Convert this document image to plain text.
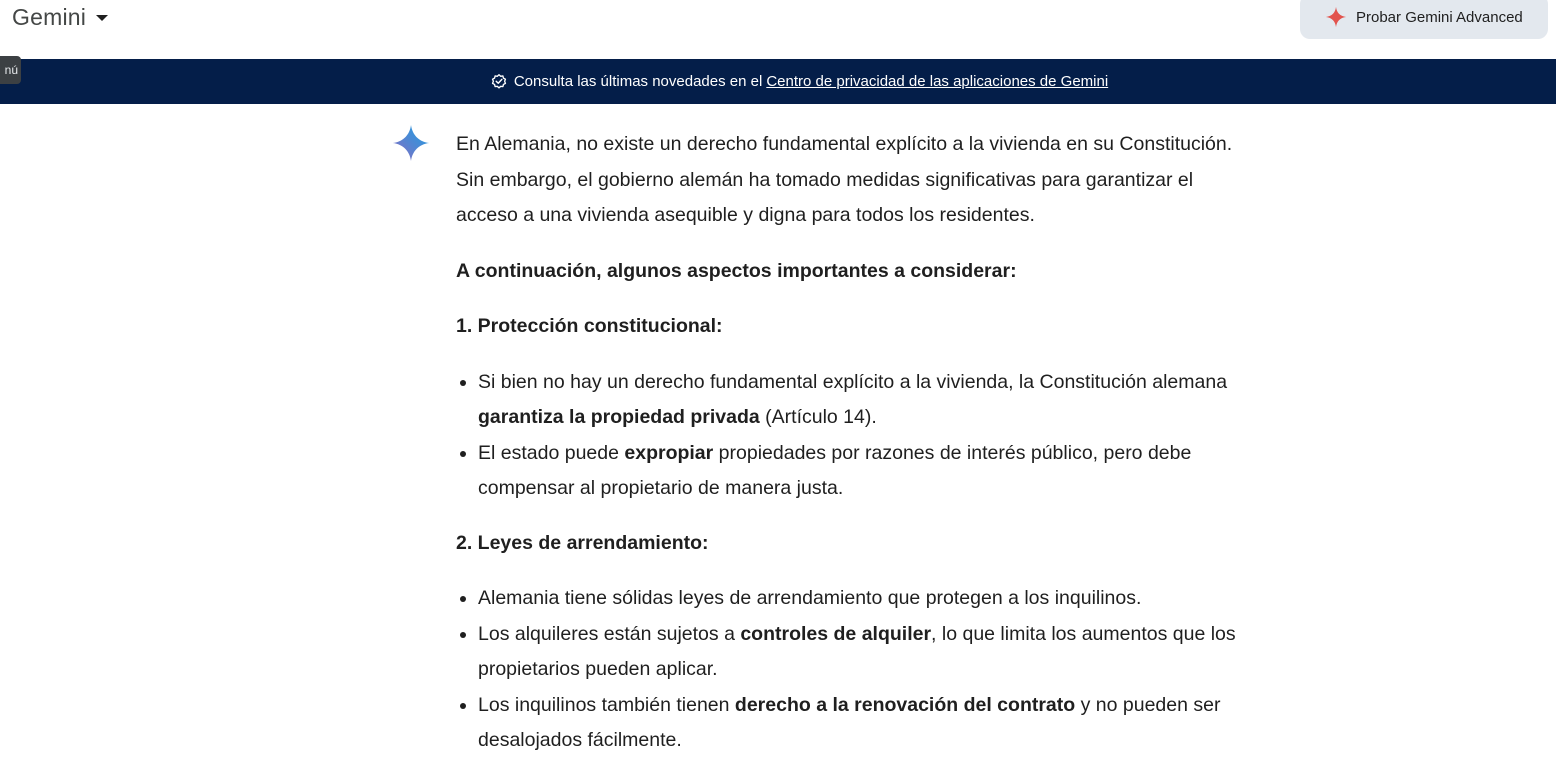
Gemini	Probar Gemini Advanced
Consulta las últimas novedades en el Centro de privacidad de las aplicaciones de Gemini
nú

En Alemania, no existe un derecho fundamental explícito a la vivienda en su Constitución. Sin embargo, el gobierno alemán ha tomado medidas significativas para garantizar el acceso a una vivienda asequible y digna para todos los residentes.

A continuación, algunos aspectos importantes a considerar:

1. Protección constitucional:

• Si bien no hay un derecho fundamental explícito a la vivienda, la Constitución alemana garantiza la propiedad privada (Artículo 14).
• El estado puede expropiar propiedades por razones de interés público, pero debe compensar al propietario de manera justa.

2. Leyes de arrendamiento:

• Alemania tiene sólidas leyes de arrendamiento que protegen a los inquilinos.
• Los alquileres están sujetos a controles de alquiler, lo que limita los aumentos que los propietarios pueden aplicar.
• Los inquilinos también tienen derecho a la renovación del contrato y no pueden ser desalojados fácilmente.
